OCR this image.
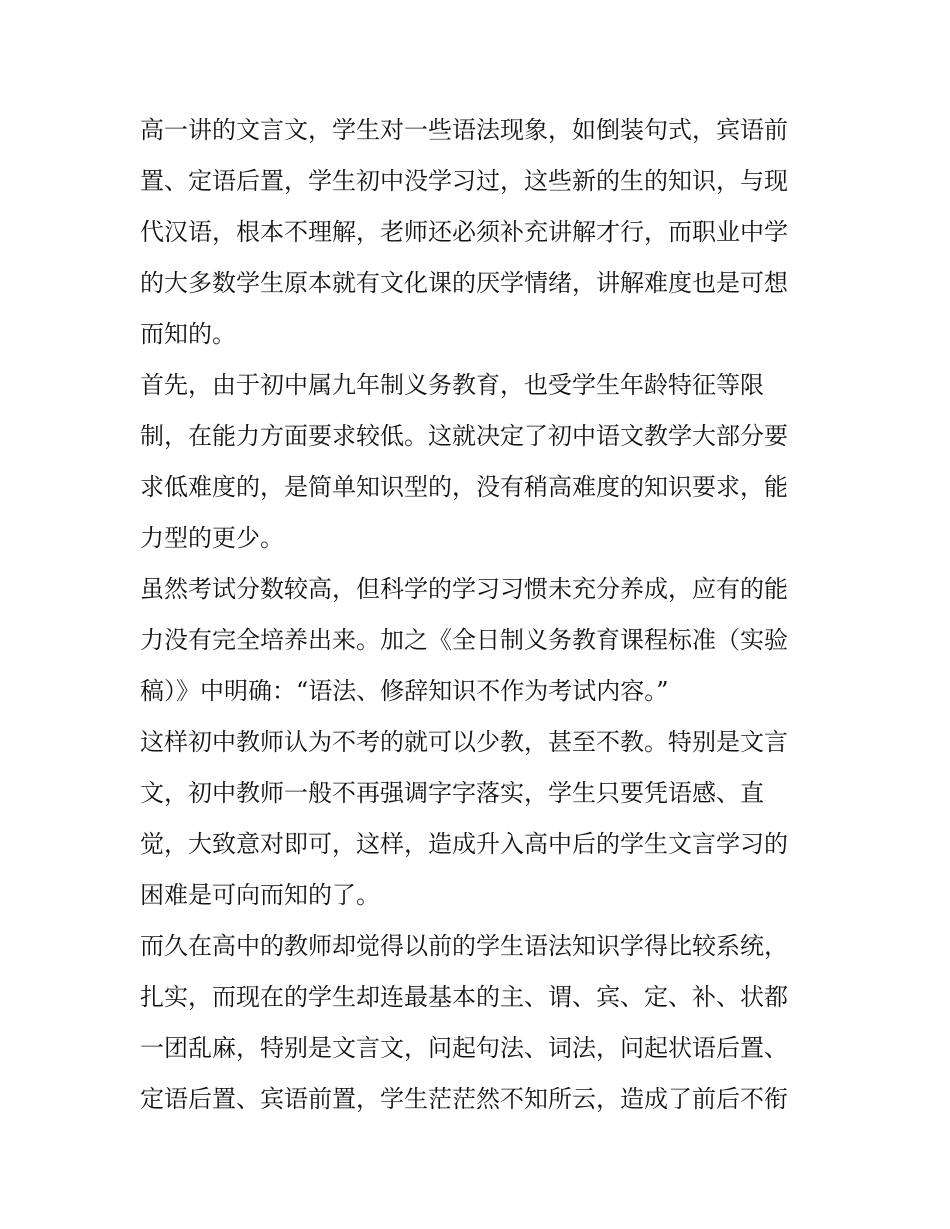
高一讲的文言文，学生对一些语法现象，如倒装句式，宾语前
置、定语后置，学生初中没学习过，这些新的生的知识，与现
代汉语，根本不理解，老师还必须补充讲解才行，而职业中学
的大多数学生原本就有文化课的厌学情绪，讲解难度也是可想
而知的。
首先，由于初中属九年制义务教育，也受学生年龄特征等限
制，在能力方面要求较低。这就决定了初中语文教学大部分要
求低难度的，是简单知识型的，没有稍高难度的知识要求，能
力型的更少。
虽然考试分数较高，但科学的学习习惯未充分养成，应有的能
力没有完全培养出来。加之《全日制义务教育课程标准（实验
稿）》中明确：“语法、修辞知识不作为考试内容。”
这样初中教师认为不考的就可以少教，甚至不教。特别是文言
文，初中教师一般不再强调字字落实，学生只要凭语感、直
觉，大致意对即可，这样，造成升入高中后的学生文言学习的
困难是可向而知的了。
而久在高中的教师却觉得以前的学生语法知识学得比较系统，
扎实，而现在的学生却连最基本的主、谓、宾、定、补、状都
一团乱麻，特别是文言文，问起句法、词法，问起状语后置、
定语后置、宾语前置，学生茫茫然不知所云，造成了前后不衔
